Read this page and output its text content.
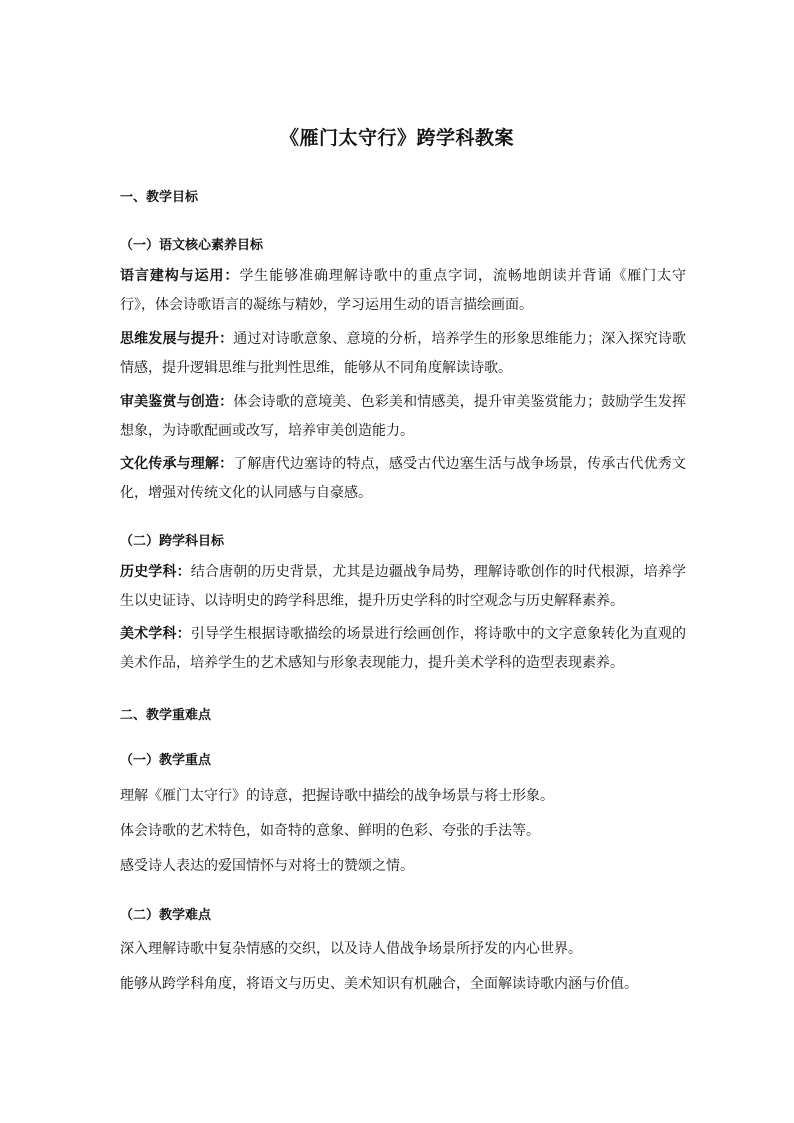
《雁门太守行》跨学科教案

一、教学目标

（一）语文核心素养目标

语言建构与运用：学生能够准确理解诗歌中的重点字词，流畅地朗读并背诵《雁门太守行》，体会诗歌语言的凝练与精妙，学习运用生动的语言描绘画面。

思维发展与提升：通过对诗歌意象、意境的分析，培养学生的形象思维能力；深入探究诗歌情感，提升逻辑思维与批判性思维，能够从不同角度解读诗歌。

审美鉴赏与创造：体会诗歌的意境美、色彩美和情感美，提升审美鉴赏能力；鼓励学生发挥想象，为诗歌配画或改写，培养审美创造能力。

文化传承与理解：了解唐代边塞诗的特点，感受古代边塞生活与战争场景，传承古代优秀文化，增强对传统文化的认同感与自豪感。

（二）跨学科目标

历史学科：结合唐朝的历史背景，尤其是边疆战争局势，理解诗歌创作的时代根源，培养学生以史证诗、以诗明史的跨学科思维，提升历史学科的时空观念与历史解释素养。

美术学科：引导学生根据诗歌描绘的场景进行绘画创作，将诗歌中的文字意象转化为直观的美术作品，培养学生的艺术感知与形象表现能力，提升美术学科的造型表现素养。

二、教学重难点

（一）教学重点

理解《雁门太守行》的诗意，把握诗歌中描绘的战争场景与将士形象。

体会诗歌的艺术特色，如奇特的意象、鲜明的色彩、夸张的手法等。

感受诗人表达的爱国情怀与对将士的赞颂之情。

（二）教学难点

深入理解诗歌中复杂情感的交织，以及诗人借战争场景所抒发的内心世界。

能够从跨学科角度，将语文与历史、美术知识有机融合，全面解读诗歌内涵与价值。
